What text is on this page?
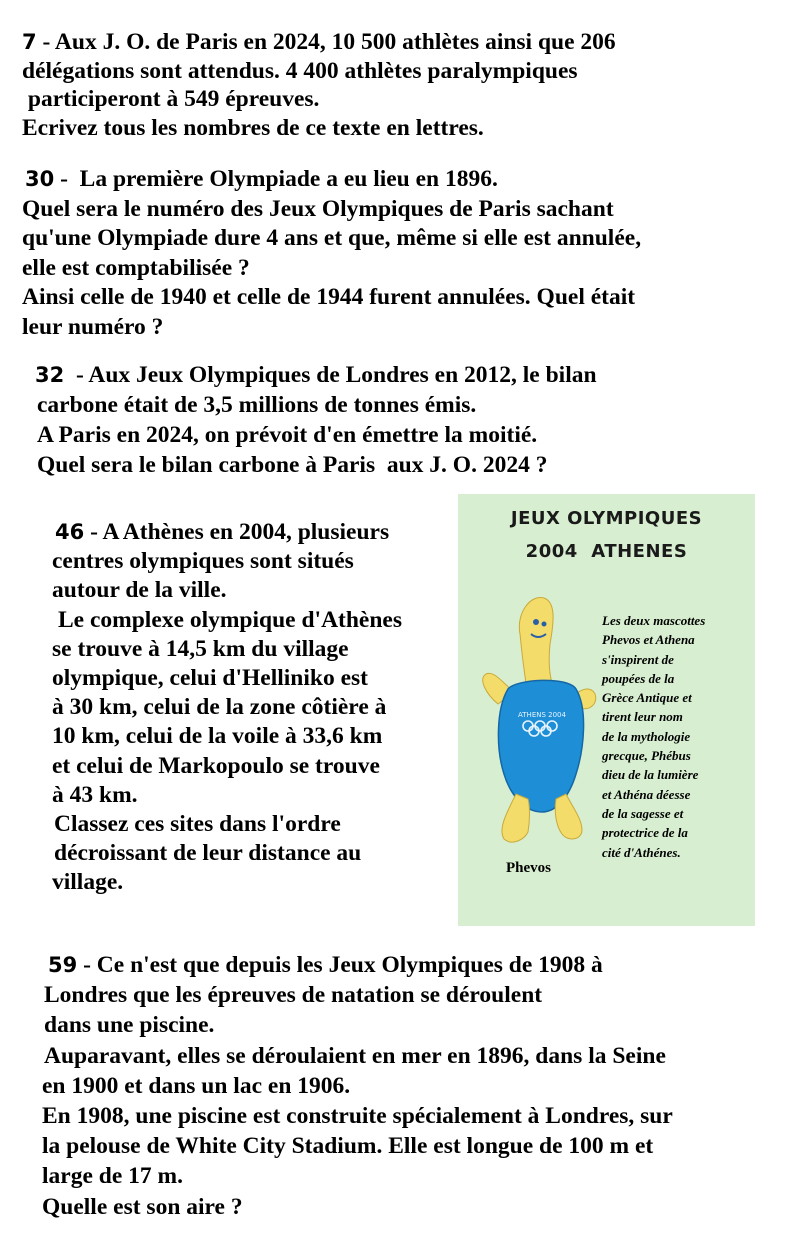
7 - Aux J. O. de Paris en 2024, 10 500 athlètes ainsi que 206
délégations sont attendus. 4 400 athlètes paralympiques
participeront à 549 épreuves.
Ecrivez tous les nombres de ce texte en lettres.
30 -  La première Olympiade a eu lieu en 1896.
Quel sera le numéro des Jeux Olympiques de Paris sachant
qu'une Olympiade dure 4 ans et que, même si elle est annulée,
elle est comptabilisée ?
Ainsi celle de 1940 et celle de 1944 furent annulées. Quel était
leur numéro ?
32  - Aux Jeux Olympiques de Londres en 2012, le bilan
carbone était de 3,5 millions de tonnes émis.
A Paris en 2024, on prévoit d'en émettre la moitié.
Quel sera le bilan carbone à Paris  aux J. O. 2024 ?
46 - A Athènes en 2004, plusieurs
centres olympiques sont situés
autour de la ville.
Le complexe olympique d'Athènes
se trouve à 14,5 km du village
olympique, celui d'Helliniko est
à 30 km, celui de la zone côtière à
10 km, celui de la voile à 33,6 km
et celui de Markopoulo se trouve
à 43 km.
Classez ces sites dans l'ordre
décroissant de leur distance au
village.
59 - Ce n'est que depuis les Jeux Olympiques de 1908 à
Londres que les épreuves de natation se déroulent
dans une piscine.
Auparavant, elles se déroulaient en mer en 1896, dans la Seine
en 1900 et dans un lac en 1906.
En 1908, une piscine est construite spécialement à Londres, sur
la pelouse de White City Stadium. Elle est longue de 100 m et
large de 17 m.
Quelle est son aire ?
JEUX OLYMPIQUES
2004  ATHENES
ATHENS 2004
Les deux mascottes
Phevos et Athena
s'inspirent de
poupées de la
Grèce Antique et
tirent leur nom
de la mythologie
grecque, Phébus
dieu de la lumière
et Athéna déesse
de la sagesse et
protectrice de la
cité d'Athénes.
Phevos
